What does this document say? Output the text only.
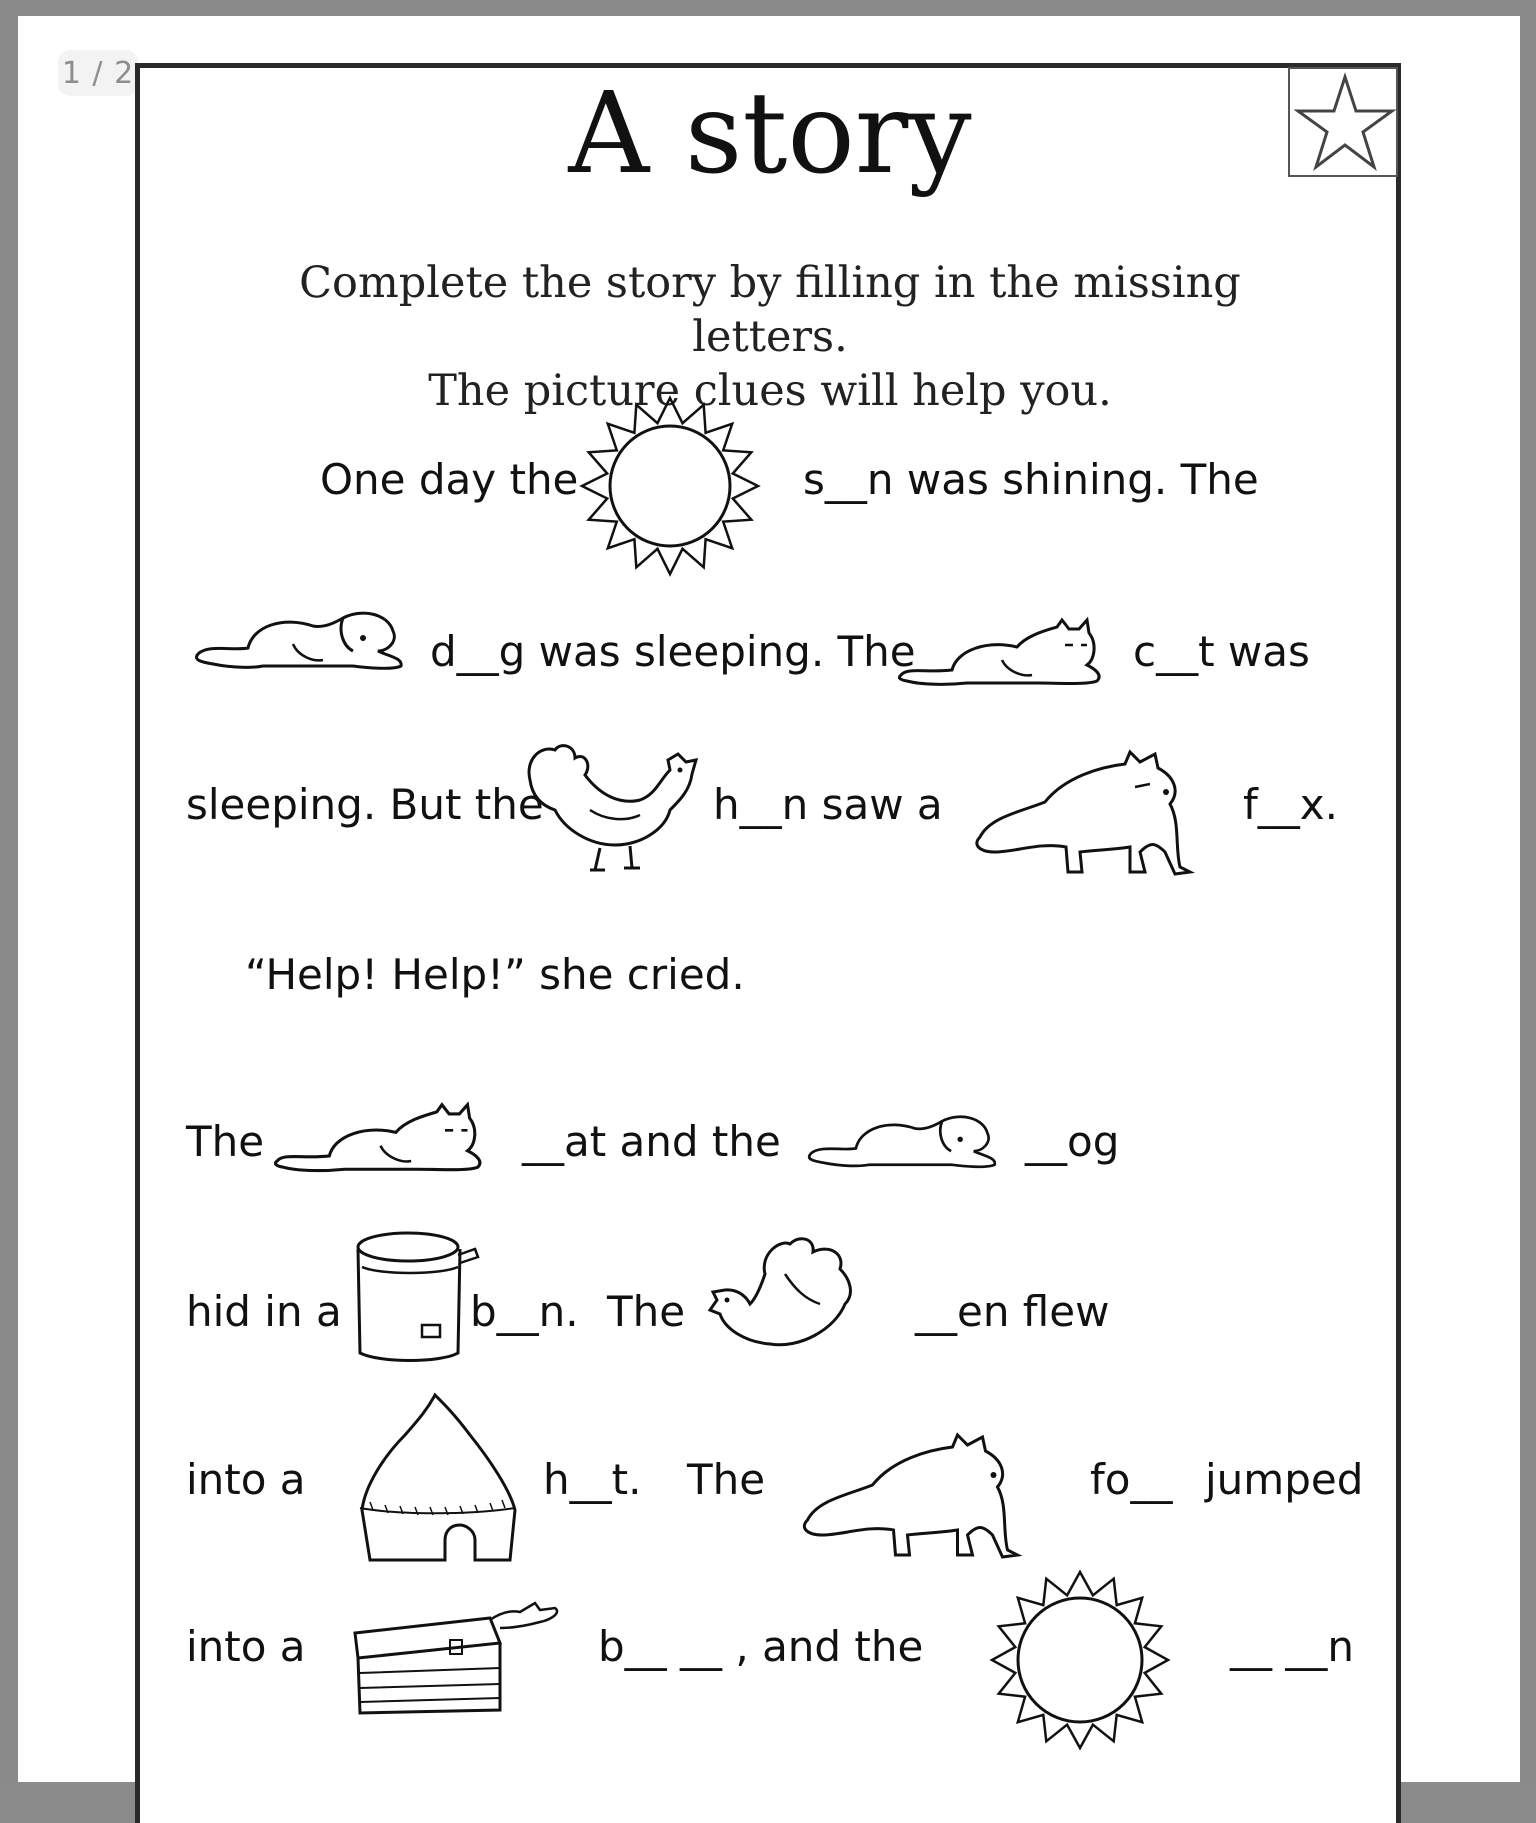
1 / 2	A story
Complete the story by filling in the missing letters.
The picture clues will help you.
One day the	s__n was shining. The
d__g was sleeping. The	c__t was
sleeping. But the	h__n saw a	f__x.
“Help! Help!” she cried.
The	__at and the	__og
hid in a	b__n. The	__en flew
into a	h__t. The	fo__ jumped
into a	b__ __ , and the	__ __n
